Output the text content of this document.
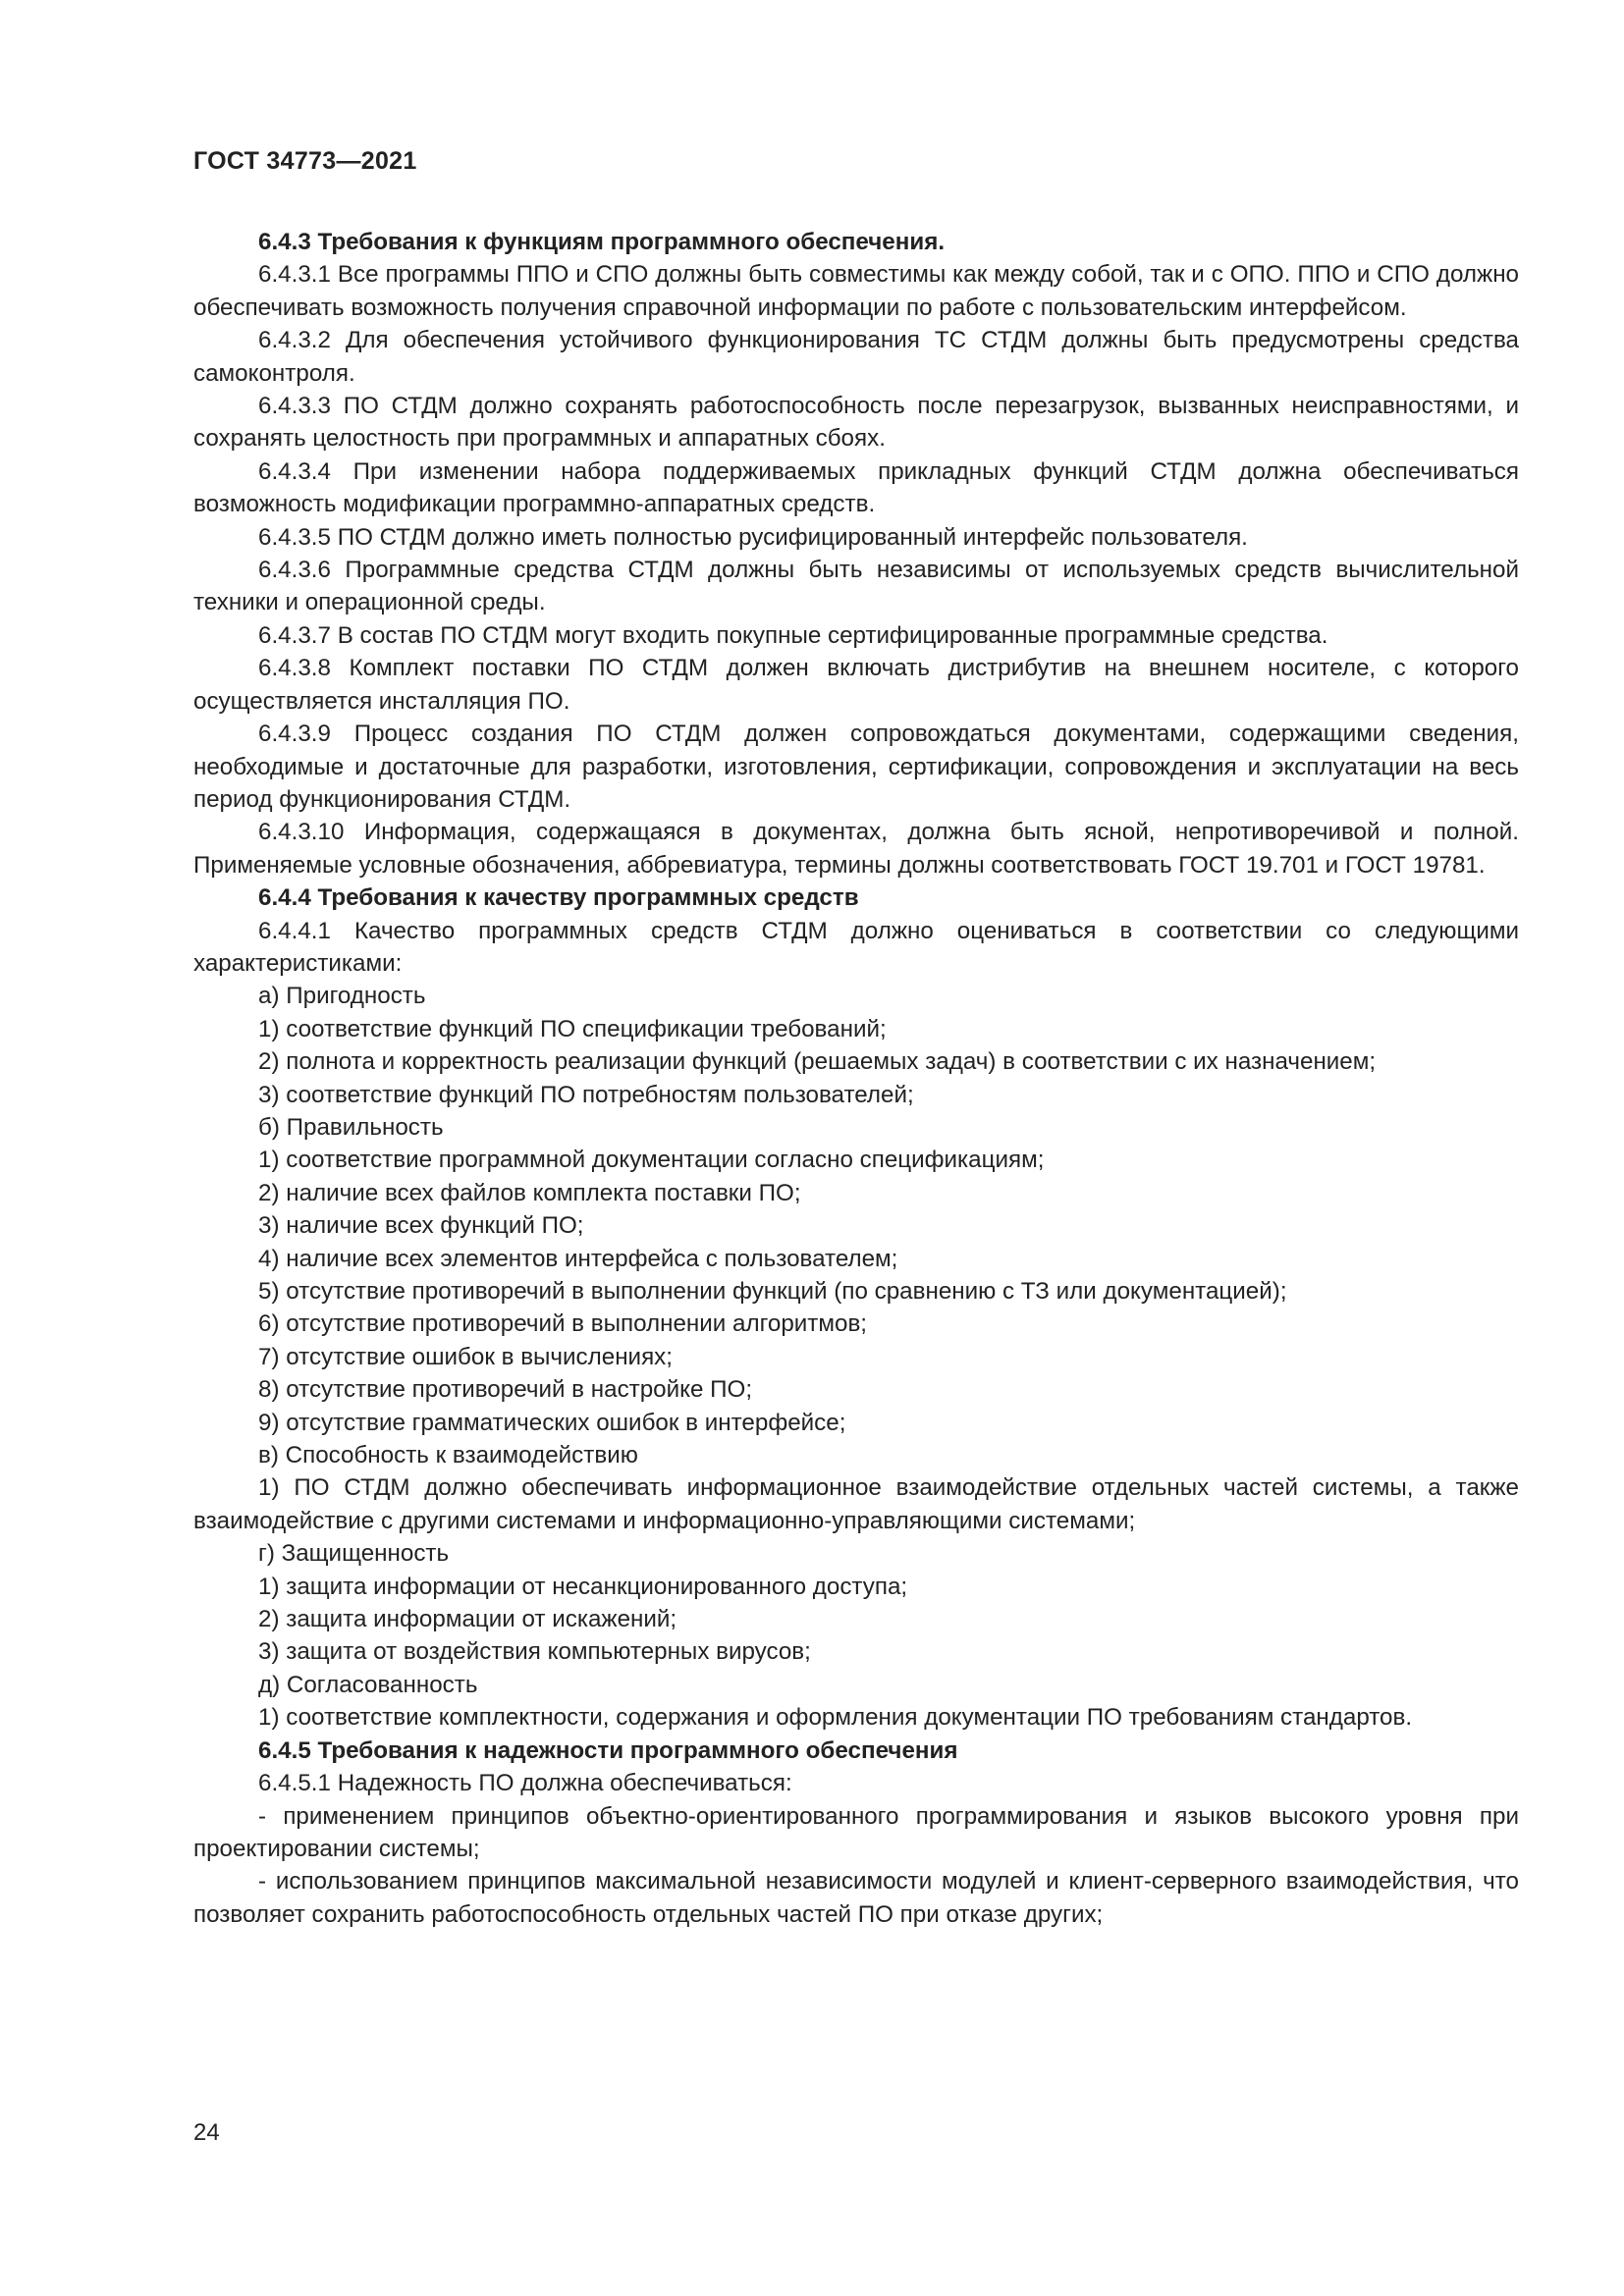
ГОСТ 34773—2021

6.4.3 Требования к функциям программного обеспечения.

6.4.3.1 Все программы ППО и СПО должны быть совместимы как между собой, так и с ОПО. ППО и СПО должно обеспечивать возможность получения справочной информации по работе с пользовательским интерфейсом.

6.4.3.2 Для обеспечения устойчивого функционирования ТС СТДМ должны быть предусмотрены средства самоконтроля.

6.4.3.3 ПО СТДМ должно сохранять работоспособность после перезагрузок, вызванных неисправностями, и сохранять целостность при программных и аппаратных сбоях.

6.4.3.4 При изменении набора поддерживаемых прикладных функций СТДМ должна обеспечиваться возможность модификации программно-аппаратных средств.

6.4.3.5 ПО СТДМ должно иметь полностью русифицированный интерфейс пользователя.

6.4.3.6 Программные средства СТДМ должны быть независимы от используемых средств вычислительной техники и операционной среды.

6.4.3.7 В состав ПО СТДМ могут входить покупные сертифицированные программные средства.

6.4.3.8 Комплект поставки ПО СТДМ должен включать дистрибутив на внешнем носителе, с которого осуществляется инсталляция ПО.

6.4.3.9 Процесс создания ПО СТДМ должен сопровождаться документами, содержащими сведения, необходимые и достаточные для разработки, изготовления, сертификации, сопровождения и эксплуатации на весь период функционирования СТДМ.

6.4.3.10 Информация, содержащаяся в документах, должна быть ясной, непротиворечивой и полной. Применяемые условные обозначения, аббревиатура, термины должны соответствовать ГОСТ 19.701 и ГОСТ 19781.

6.4.4 Требования к качеству программных средств

6.4.4.1 Качество программных средств СТДМ должно оцениваться в соответствии со следующими характеристиками:

а) Пригодность

1) соответствие функций ПО спецификации требований;

2) полнота и корректность реализации функций (решаемых задач) в соответствии с их назначением;

3) соответствие функций ПО потребностям пользователей;

б) Правильность

1) соответствие программной документации согласно спецификациям;

2) наличие всех файлов комплекта поставки ПО;

3) наличие всех функций ПО;

4) наличие всех элементов интерфейса с пользователем;

5) отсутствие противоречий в выполнении функций (по сравнению с ТЗ или документацией);

6) отсутствие противоречий в выполнении алгоритмов;

7) отсутствие ошибок в вычислениях;

8) отсутствие противоречий в настройке ПО;

9) отсутствие грамматических ошибок в интерфейсе;

в) Способность к взаимодействию

1) ПО СТДМ должно обеспечивать информационное взаимодействие отдельных частей системы, а также взаимодействие с другими системами и информационно-управляющими системами;

г) Защищенность

1) защита информации от несанкционированного доступа;

2) защита информации от искажений;

3) защита от воздействия компьютерных вирусов;

д) Согласованность

1) соответствие комплектности, содержания и оформления документации ПО требованиям стандартов.

6.4.5 Требования к надежности программного обеспечения

6.4.5.1 Надежность ПО должна обеспечиваться:

- применением принципов объектно-ориентированного программирования и языков высокого уровня при проектировании системы;

- использованием принципов максимальной независимости модулей и клиент-серверного взаимодействия, что позволяет сохранить работоспособность отдельных частей ПО при отказе других;

24
